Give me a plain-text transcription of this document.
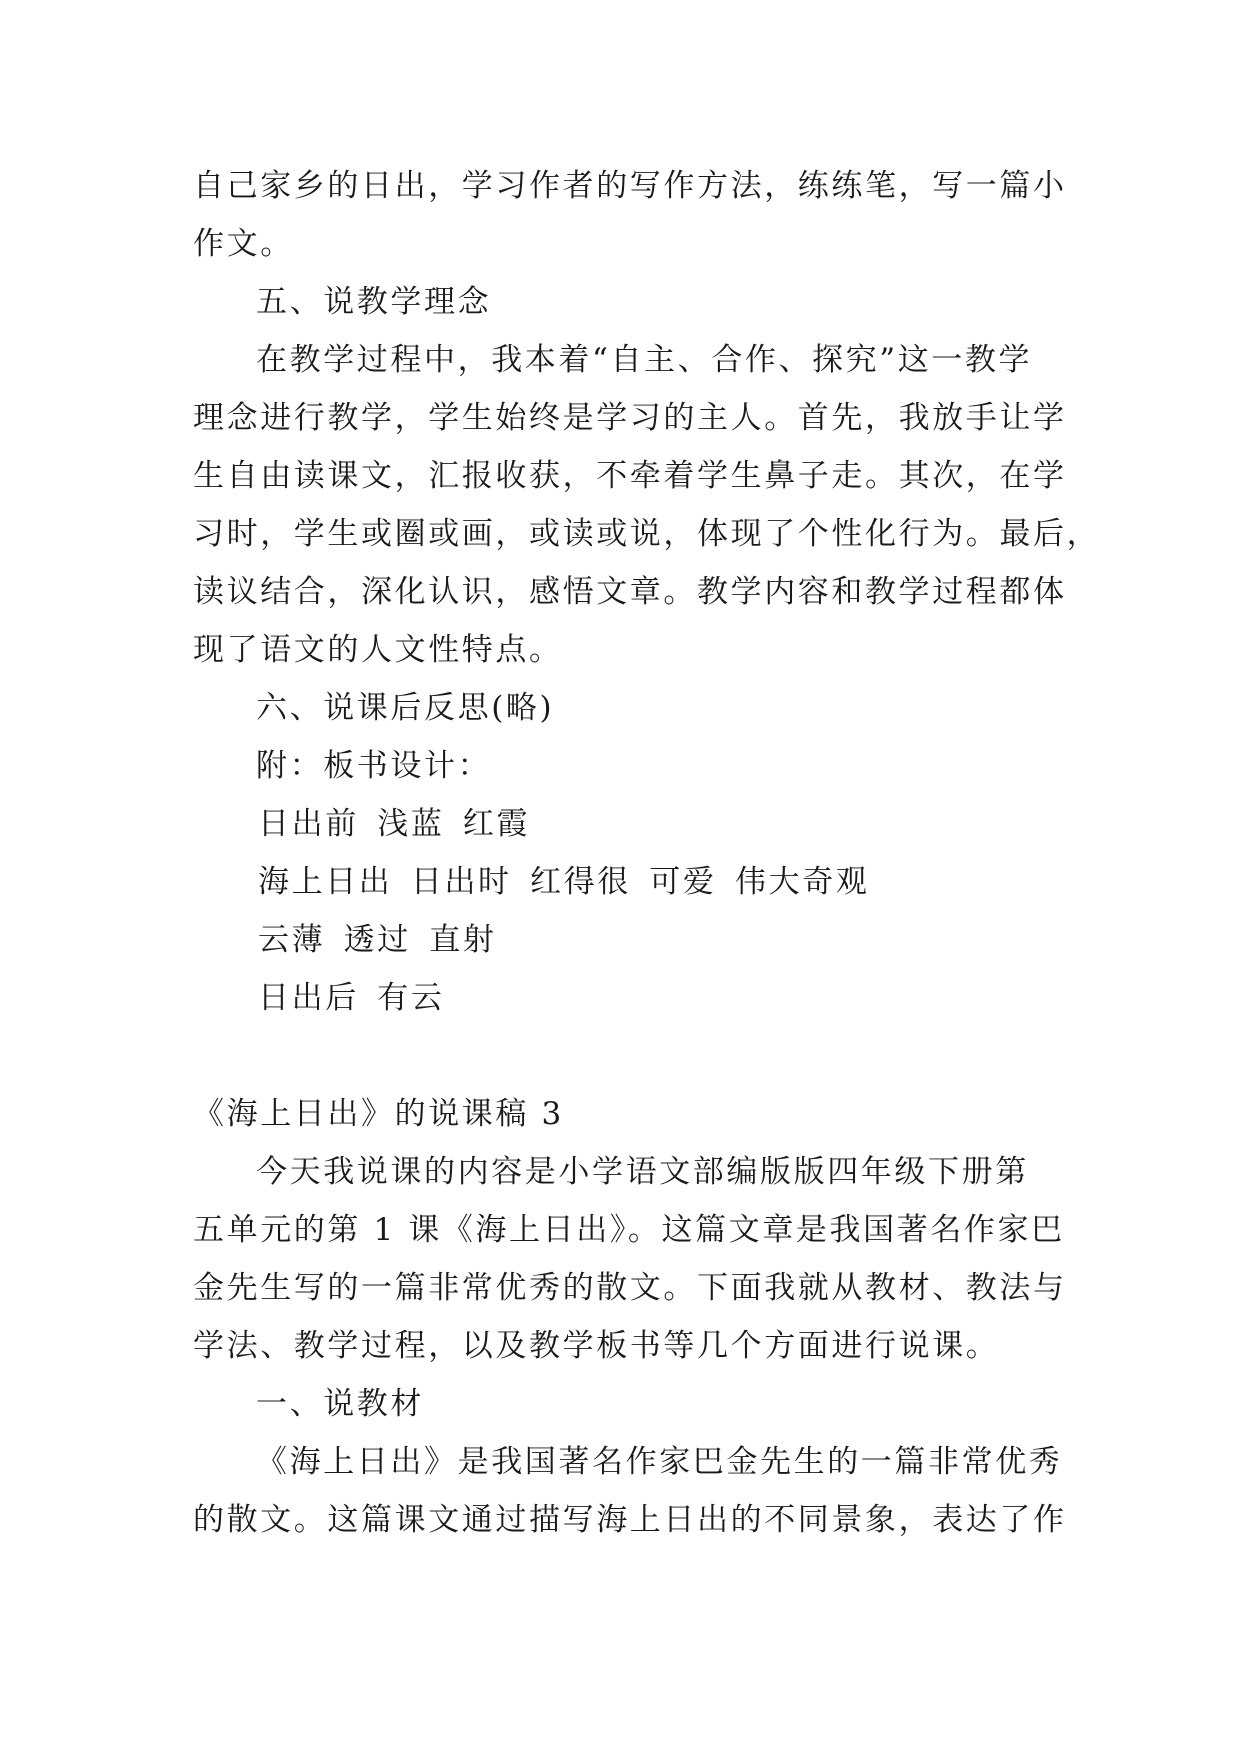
自己家乡的日出，学习作者的写作方法，练练笔，写一篇小
作文。
五、说教学理念
在教学过程中，我本着“自主、合作、探究”这一教学
理念进行教学，学生始终是学习的主人。首先，我放手让学
生自由读课文，汇报收获，不牵着学生鼻子走。其次，在学
习时，学生或圈或画，或读或说，体现了个性化行为。最后，
读议结合，深化认识，感悟文章。教学内容和教学过程都体
现了语文的人文性特点。
六、说课后反思(略)
附：板书设计：
日出前 浅蓝 红霞
海上日出 日出时 红得很 可爱 伟大奇观
云薄 透过 直射
日出后 有云
《海上日出》的说课稿 3
今天我说课的内容是小学语文部编版版四年级下册第
五单元的第 1 课《海上日出》。这篇文章是我国著名作家巴
金先生写的一篇非常优秀的散文。下面我就从教材、教法与
学法、教学过程，以及教学板书等几个方面进行说课。
一、说教材
《海上日出》是我国著名作家巴金先生的一篇非常优秀
的散文。这篇课文通过描写海上日出的不同景象，表达了作
